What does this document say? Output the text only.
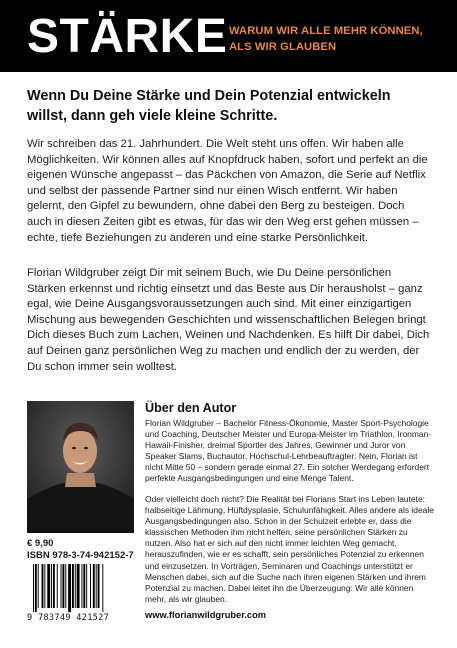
STÄRKE WARUM WIR ALLE MEHR KÖNNEN, ALS WIR GLAUBEN
Wenn Du Deine Stärke und Dein Potenzial entwickeln willst, dann geh viele kleine Schritte.
Wir schreiben das 21. Jahrhundert. Die Welt steht uns offen. Wir haben alle Möglichkeiten. Wir können alles auf Knopfdruck haben, sofort und perfekt an die eigenen Wünsche angepasst – das Päckchen von Amazon, die Serie auf Netflix und selbst der passende Partner sind nur einen Wisch entfernt. Wir haben gelernt, den Gipfel zu bewundern, ohne dabei den Berg zu besteigen. Doch auch in diesen Zeiten gibt es etwas, für das wir den Weg erst gehen müssen – echte, tiefe Beziehungen zu anderen und eine starke Persönlichkeit.
Florian Wildgruber zeigt Dir mit seinem Buch, wie Du Deine persönlichen Stärken erkennst und richtig einsetzt und das Beste aus Dir herausholst – ganz egal, wie Deine Ausgangsvoraussetzungen auch sind. Mit einer einzigartigen Mischung aus bewegenden Geschichten und wissenschaftlichen Belegen bringt Dich dieses Buch zum Lachen, Weinen und Nachdenken. Es hilft Dir dabei, Dich auf Deinen ganz persönlichen Weg zu machen und endlich der zu werden, der Du schon immer sein wolltest.
€ 9,90
ISBN 978-3-74-942152-7
9 783749 421527
Über den Autor
Florian Wildgruber – Bachelor Fitness-Ökonomie, Master Sport-Psychologie und Coaching, Deutscher Meister und Europa-Meister im Triathlon, Ironman-Hawaii-Finisher, dreimal Sportler des Jahres, Gewinner und Juror von Speaker Slams, Buchautor, Hochschul-Lehrbeauftragter: Nein, Florian ist nicht Mitte 50 – sondern gerade einmal 27. Ein solcher Werdegang erfordert perfekte Ausgangsbedingungen und eine Menge Talent.
Oder vielleicht doch nicht? Die Realität bei Florians Start ins Leben lautete: halbseitige Lähmung, Hüftdysplasie, Schulunfähigkeit. Alles andere als ideale Ausgangsbedingungen also. Schon in der Schulzeit erlebte er, dass die klassischen Methoden ihm nicht helfen, seine persönlichen Stärken zu nutzen. Also hat er sich auf den nicht immer leichten Weg gemacht, herauszufinden, wie er es schafft, sein persönliches Potenzial zu erkennen und einzusetzen. In Vorträgen, Seminaren und Coachings unterstützt er Menschen dabei, sich auf die Suche nach ihren eigenen Stärken und ihrem Potenzial zu machen. Dabei leitet ihn die Überzeugung: Wir alle können mehr, als wir glauben.
www.florianwildgruber.com
